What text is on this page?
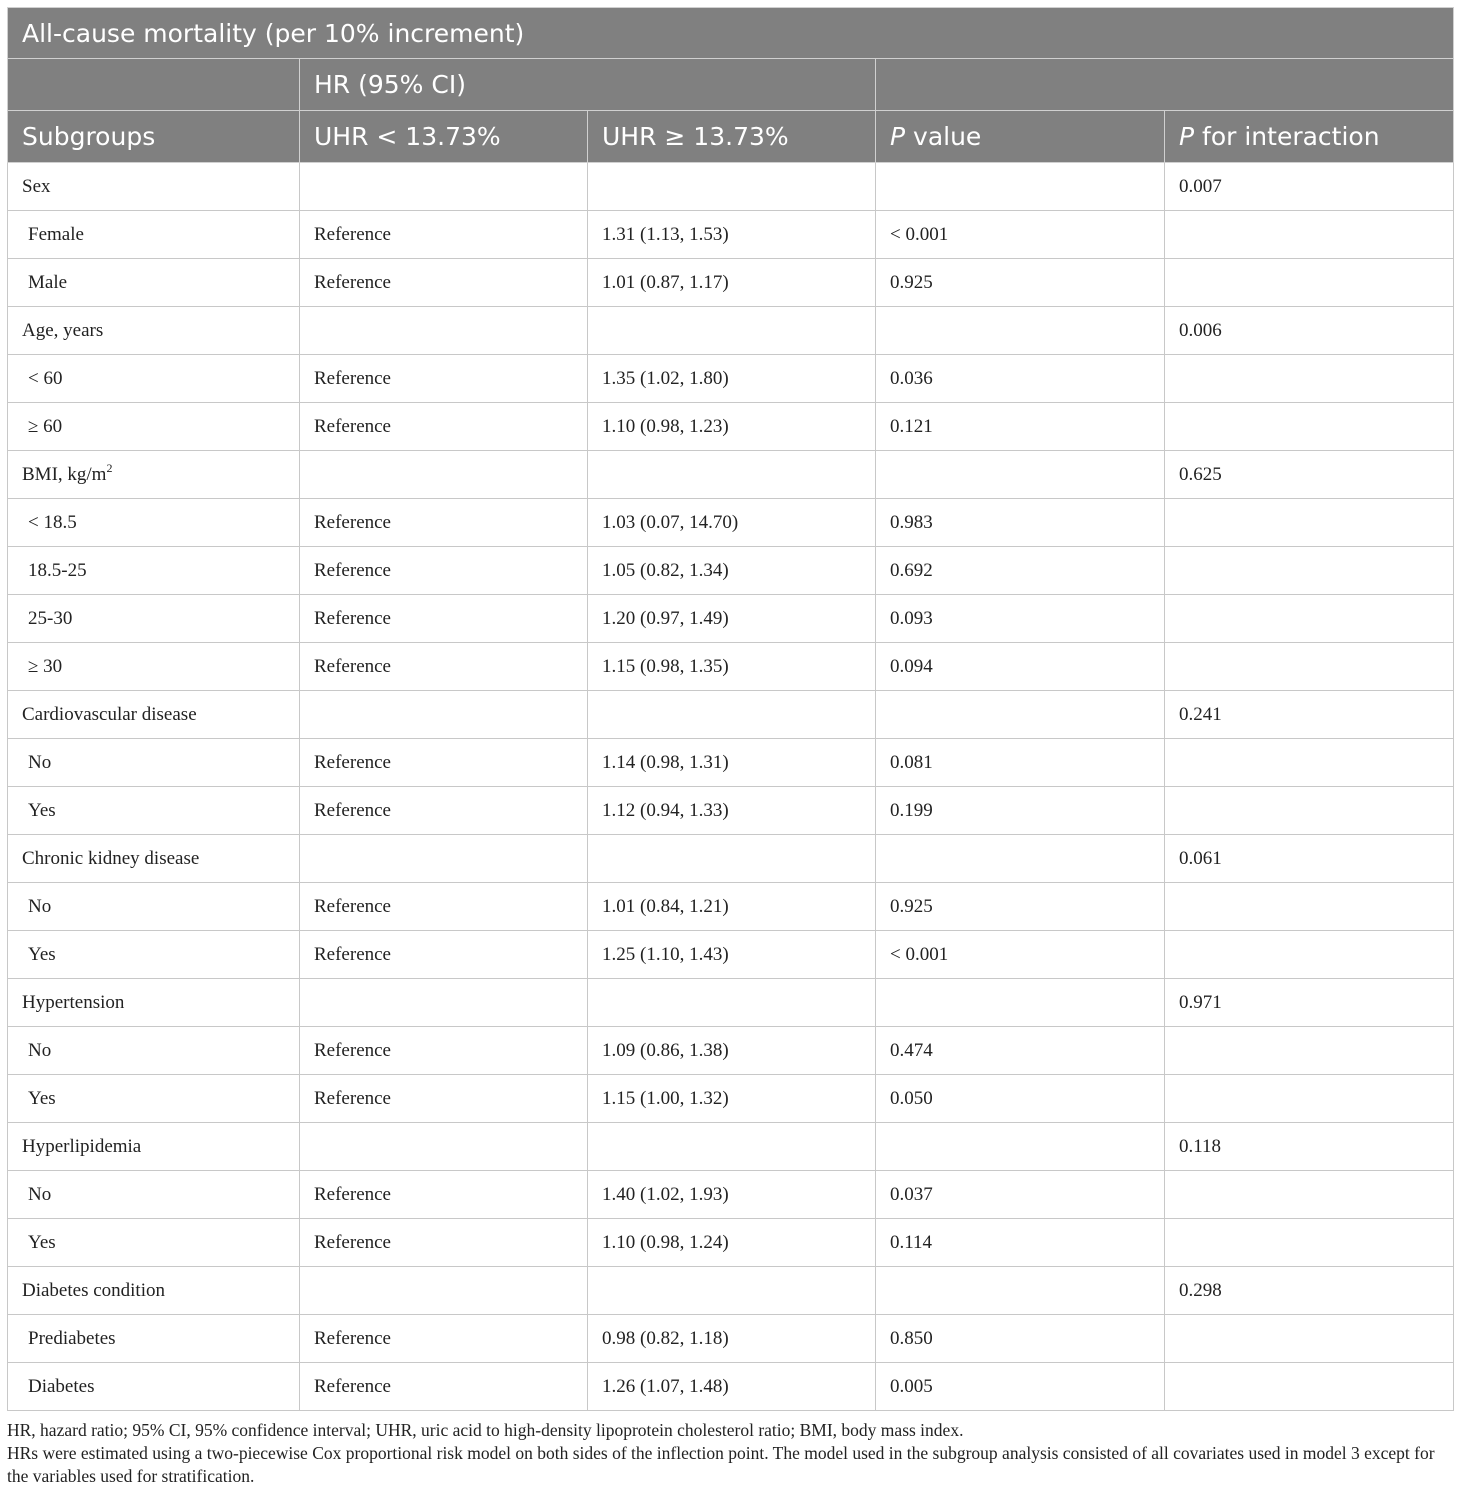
All-cause mortality (per 10% increment)				
	HR (95% CI)			
Subgroups	UHR < 13.73%	UHR ≥ 13.73%	P value	P for interaction
Sex				0.007
Female	Reference	1.31 (1.13, 1.53)	< 0.001	
Male	Reference	1.01 (0.87, 1.17)	0.925	
Age, years				0.006
< 60	Reference	1.35 (1.02, 1.80)	0.036	
≥ 60	Reference	1.10 (0.98, 1.23)	0.121	
BMI, $kg/m^2$				0.625
< 18.5	Reference	1.03 (0.07, 14.70)	0.983	
18.5-25	Reference	1.05 (0.82, 1.34)	0.692	
25-30	Reference	1.20 (0.97, 1.49)	0.093	
≥ 30	Reference	1.15 (0.98, 1.35)	0.094	
Cardiovascular disease				0.241
No	Reference	1.14 (0.98, 1.31)	0.081	
Yes	Reference	1.12 (0.94, 1.33)	0.199	
Chronic kidney disease				0.061
No	Reference	1.01 (0.84, 1.21)	0.925	
Yes	Reference	1.25 (1.10, 1.43)	< 0.001	
Hypertension				0.971
No	Reference	1.09 (0.86, 1.38)	0.474	
Yes	Reference	1.15 (1.00, 1.32)	0.050	
Hyperlipidemia				0.118
No	Reference	1.40 (1.02, 1.93)	0.037	
Yes	Reference	1.10 (0.98, 1.24)	0.114	
Diabetes condition				0.298
Prediabetes	Reference	0.98 (0.82, 1.18)	0.850	
Diabetes	Reference	1.26 (1.07, 1.48)	0.005	

HR, hazard ratio; 95% CI, 95% confidence interval; UHR, uric acid to high-density lipoprotein cholesterol ratio; BMI, body mass index.

HRs were estimated using a two-piecewise Cox proportional risk model on both sides of the inflection point. The model used in the subgroup analysis consisted of all covariates used in model 3 except for the variables used for stratification.
